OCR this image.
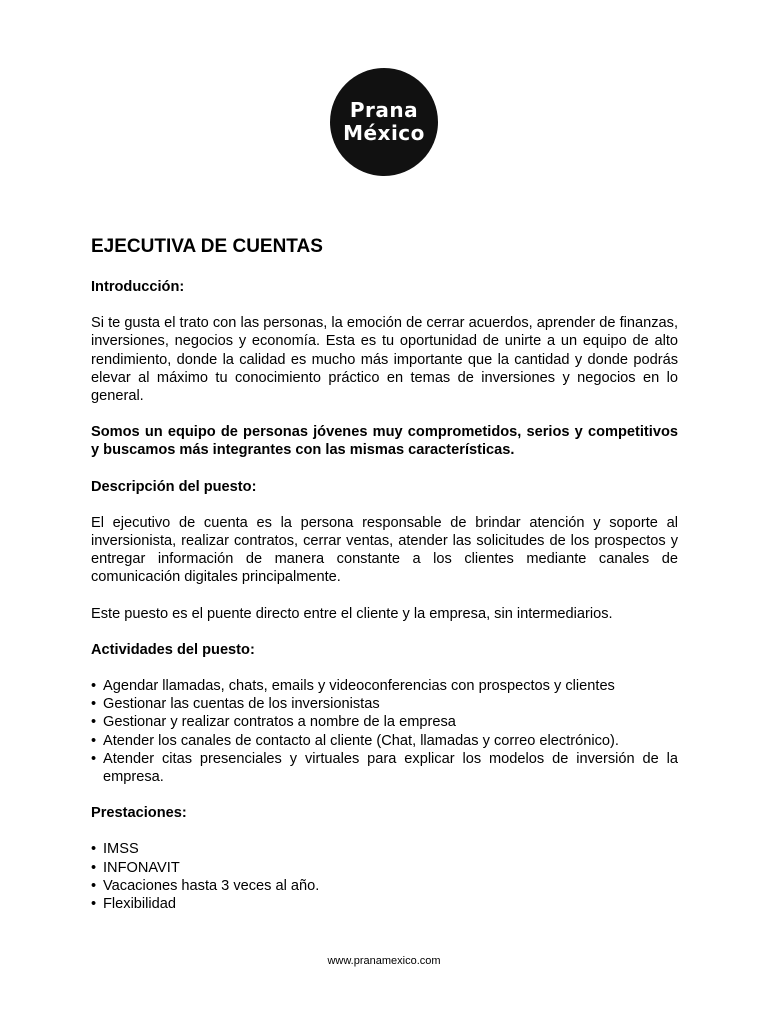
Prana
México
EJECUTIVA DE CUENTAS
Introducción:

Si te gusta el trato con las personas, la emoción de cerrar acuerdos, aprender de finanzas, inversiones, negocios y economía. Esta es tu oportunidad de unirte a un equipo de alto rendimiento, donde la calidad es mucho más importante que la cantidad y donde podrás elevar al máximo tu conocimiento práctico en temas de inversiones y negocios en lo general.

Somos un equipo de personas jóvenes muy comprometidos, serios y competitivos y buscamos más integrantes con las mismas características.

Descripción del puesto:

El ejecutivo de cuenta es la persona responsable de brindar atención y soporte al inversionista, realizar contratos, cerrar ventas, atender las solicitudes de los prospectos y entregar información de manera constante a los clientes mediante canales de comunicación digitales principalmente.

Este puesto es el puente directo entre el cliente y la empresa, sin intermediarios.

Actividades del puesto:
• Agendar llamadas, chats, emails y videoconferencias con prospectos y clientes
• Gestionar las cuentas de los inversionistas
• Gestionar y realizar contratos a nombre de la empresa
• Atender los canales de contacto al cliente (Chat, llamadas y correo electrónico).
• Atender citas presenciales y virtuales para explicar los modelos de inversión de la empresa.
Prestaciones:
• IMSS
• INFONAVIT
• Vacaciones hasta 3 veces al año.
• Flexibilidad
www.pranamexico.com
